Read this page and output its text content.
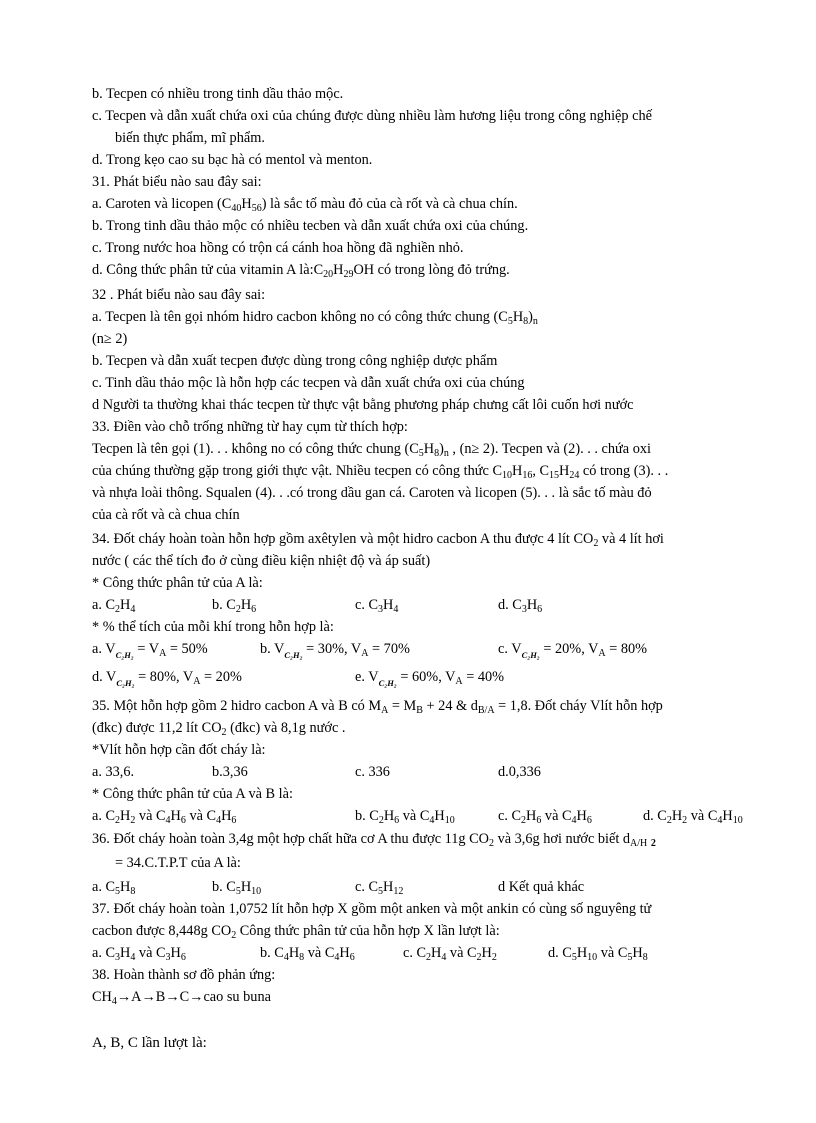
b. Tecpen có nhiều trong tinh dầu thảo mộc.
c. Tecpen và dẫn xuất chứa oxi của chúng được dùng nhiều làm hương liệu trong công nghiệp chế
biến thực phẩm, mĩ phẩm.
d. Trong kẹo cao su bạc hà có mentol và menton.
31. Phát biểu nào sau đây sai:
a. Caroten và licopen $(C_{40}H_{56})$ là sắc tố màu đỏ của cà rốt và cà chua chín.
b. Trong tinh dầu thảo mộc có nhiều tecben và dẫn xuất chứa oxi của chúng.
c. Trong nước hoa hồng có trộn cá cánh hoa hồng đã nghiền nhỏ.
d. Công thức phân tử của vitamin A $là:C_{20}H_{29}OH$ có trong lòng đỏ trứng.
32 . Phát biểu nào sau đây sai:
a. Tecpen là tên gọi nhóm hidro cacbon không no có công thức chung $(C_5H_8)_n$
(n≥ 2)
b. Tecpen và dẫn xuất tecpen được dùng trong công nghiệp dược phẩm
c. Tinh dầu thảo mộc là hỗn hợp các tecpen và dẫn xuất chứa oxi của chúng
d Người ta thường khai thác tecpen từ thực vật bằng phương pháp chưng cất lôi cuốn hơi nước
33. Điền vào chỗ trống những từ hay cụm từ thích hợp:
Tecpen là tên gọi (1). . . không no có công thức chung $(C_5H_8)_n$ , (n≥ 2). Tecpen và (2). . . chứa oxi
của chúng thường gặp trong giới thực vật. Nhiều tecpen có công thức $C_{10}H_{16}$, $C_{15}H_{24}$ có trong (3). . .
và nhựa loài thông. Squalen (4). . .có trong dầu gan cá. Caroten và licopen (5). . . là sắc tố màu đỏ
của cà rốt và cà chua chín
34. Đốt cháy hoàn toàn hỗn hợp gồm axêtylen và một hidro cacbon A thu được 4 lít $CO_2$ và 4 lít hơi
nước ( các thể tích đo ở cùng điều kiện nhiệt độ và áp suất)
* Công thức phân tử của A là:
a. $C_2H_4$	b. $C_2H_6$	c. $C_3H_4$	d. $C_3H_6$
* % thể tích của mỗi khí trong hỗn hợp là:
a. $V_{C_2H_2} = V_A = 50\%$	b. $V_{C_2H_2} = 30\%$, $V_A = 70\%$	c. $V_{C_2H_2} = 20\%$, $V_A = 80\%$
d. $V_{C_2H_2} = 80\%$, $V_A = 20\%$	e. $V_{C_2H_2} = 60\%$, $V_A = 40\%$
35. Một hỗn hợp gồm 2 hidro cacbon A và B có $M_A = M_B + 24$ & $d_{B/A} = 1,8$. Đốt cháy Vlít hỗn hợp
(đkc) được 11,2 lít $CO_2$ (đkc) và 8,1g nước .
*Vlít hỗn hợp cần đốt cháy là:
a. 33,6.	b.3,36	c. 336	d.0,336
* Công thức phân tử của A và B là:
a. $C_2H_2$ và $C_4H_6$ và $C_4H_6$	b. $C_2H_6$ và $C_4H_{10}$	c. $C_2H_6$ và $C_4H_6$	d. $C_2H_2$ và $C_4H_{10}$
36. Đốt cháy hoàn toàn 3,4g một hợp chất hữa cơ A thu được 11g $CO_2$ và 3,6g hơi nước biết $d_{A/H}$ $_2$
= 34.C.T.P.T của A là:
a. $C_5H_8$	b. $C_5H_{10}$	c. $C_5H_{12}$	d Kết quả khác
37. Đốt cháy hoàn toàn 1,0752 lít hỗn hợp X gồm một anken và một ankin có cùng số nguyêng tử
cacbon được 8,448g $CO_2$ Công thức phân tử của hỗn hợp X lần lượt là:
a. $C_3H_4$ và $C_3H_6$	b. $C_4H_8$ và $C_4H_6$	c. $C_2H_4$ và $C_2H_2$	d. $C_5H_{10}$ và $C_5H_8$
38. Hoàn thành sơ đồ phản ứng:
$CH_4\to A\to B\to C\to cao$ su buna
A, B, C lần lượt là:
